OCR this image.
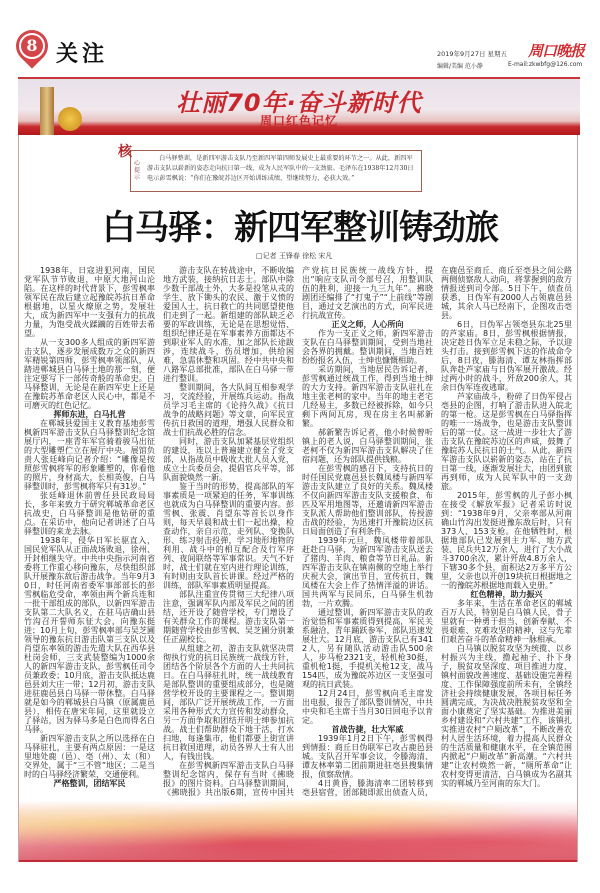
8 关注	2019年9月27日 星期五
编辑/美编 范小静	E-mail:zkwbfg@126.com
周口晚报
壮丽70年·奋斗新时代
周口红色记忆
核
心提示
白马驿整训，是新四军游击支队乃至新四军第四师发展史上最重要的环节之一。从此，新四军游击支队以崭新的姿态走向抗日第一线，成为人民军队中的一支劲旅。毛泽东在1938年12月30日电示彭雪枫说：“你们在豫皖苏边区开始训练成绩，望继续努力，必获大效。”
白马驿：新四军整训铸劲旅
□记者 王锋春 徐松 宋凡

1938年，日寇进犯河南，国民党军队节节败退，中原大地河山沦陷。在这样的时代背景下，彭雪枫率领军民在敌后建立起豫皖苏抗日革命根据地，以星火燎原之势，发展壮大，成为新四军中一支强有力的抗战力量，为饱受战火蹂躏的百姓带去希望。

从一支300多人组成的新四军游击支队，逐步发展成数万之众的新四军精锐第四师，彭雪枫率领部队，从踏进郸城县白马驿土地的那一刻，便注定要写下一部传奇般的革命史。白马驿整训，无论是在新四军史上还是在豫皖苏革命老区人民心中，都是不可磨灭的红色记忆。

挥师东进，白马扎营

在郸城县爱国主义教育基地彭雪枫新四军游击支队白马驿整训纪念馆展厅内，一座青年军官骑着骏马出征的大型雕塑伫立在展厅中央。展馆负责人张廷峰向记者介绍：“雕像是按照彭雪枫将军的形象雕塑的，你看他的照片，身材高大，长相英俊，白马驿整训时，彭雪枫将军只有31岁。”

张廷峰退休前曾任县民政局局长，多年来致力于研究郸城革命老区抗战史，白马驿整训是他钻研的重点。在采访中，他向记者讲述了白马驿整训的来龙去脉。

1938年，侵华日军长驱直入，国民党军队从正面战场败退，徐州、开封相继失守。中共中央指示河南省委将工作重心移向豫东，尽快组织部队开展豫东敌后游击战争。当年9月30日，时任河南省委军事部部长的彭雪枫临危受命，率领由两个新兵连和一批干部组成的部队，以新四军游击支队第二大队名义，在驻马店确山县竹沟召开誓师东征大会，向豫东挺进；10月上旬，彭雪枫率部与吴芝圃领导的豫东抗日游击队第三支队以及肖望东率领的游击先遣大队在西华县杜岗会师，三支武装整编为1000余人的新四军游击支队，彭雪枫任司令员兼政委；10月底，游击支队抵达鹿邑县刘大庄一带；12月初，游击支队进驻鹿邑县白马驿一带休整。白马驿就是如今的郸城县白马镇（原属鹿邑县），相传在唐宋年间，这里就设立了驿站，因为驿马多是白色而得名白马驿。

新四军游击支队之所以选择在白马驿驻扎，主要有两点原因：一是这里地处鹿（邑）、亳（州）、太（和）交界处，属于“三不管”地区；二是当时的白马驿经济繁荣，交通便利。

严格整训，团结军民

游击支队在转战途中，不断收编地方武装，接纳抗日志士。部队中除少数干部战士外，大多是投笔从戎的学生、放下锄头的农民、激于义愤的爱国人士，抗日救亡的共同愿望使他们走到了一起。新组建的部队缺乏必要的军政训练，无论是在思想觉悟、组织纪律还是在军事素养方面都达不到职业军人的水准，加之部队长途跋涉，连续战斗，伤员增加，供给困难，急需休整和巩固。经中共中央和八路军总部批准，部队在白马驿一带进行整训。

整训期间，各大队间互相参观学习，交流经验，开展练兵运动。指战员学习毛主席的《论持久战》《抗日战争的战略问题》等文章，向军民宣传抗日救国的道理，增强人民群众和战士们抗战必胜的信念。

同时，游击支队加紧基层党组织的建设，连以上普遍建立健全了党支部，从指战员中吸收大批人员入党，成立士兵委员会，提倡官兵平等，部队面貌焕然一新。

鉴于当时的形势，提高部队的军事素质是一项紧迫的任务，军事训练也就成为白马驿整训的重要内容。彭雪枫、张震、肖望东等首长以身作则，每天早晨和战士们一起出操，检查动作，亲自示范，走列队、变换队形、练习射击投弹，学习地形地物的利用、战斗中的相互配合及行军序列、夜间联络等军事常识。天气不好时，战士们就在室内进行理论训练，有时则由支队首长讲课。经过严格的训练，部队军事素质明显提高。

部队注重宣传贯彻三大纪律八项注意，强调军队内部及军民之间的团结，还开设了随营学校，专门增设了有关群众工作的课程。游击支队第一期随营学校由彭雪枫、吴芝圃分别兼任正副校长。

从组建之初，游击支队就坚决贯彻执行党的抗日民族统一战线方针，团结各个阶层各个方面的人士共同抗日。在白马驿驻扎时，统一战线教育是部队整训的重要组成部分，也是随营学校开设的主要课程之一。整训期间，部队广泛开展统战工作，一方面采用各种形式大力宣传和发动群众，另一方面争取和团结开明士绅参加抗战。战士们帮助群众下地干活，打水扫地，每逢集市，他们都要上街宣讲抗日救国道理，动员各界人士有人出人，有钱出钱。

在彭雪枫新四军游击支队白马驿整训纪念馆内，保存有当时《拂晓报》的图片资料。白马驿整训期间，《拂晓报》共出版6期，宣传中国共产党抗日民族统一战线方针，提出“响应支队司令部号召，用整训队伍的胜利，迎接一九三九年”。拂晓剧团还编排了“打鬼子”“上前线”等剧目，通过文艺演出的方式，向军民进行抗战宣传。

正义之师，人心所向

作为一支正义之师，新四军游击支队在白马驿整训期间，受到当地社会各界的拥戴。整训期间，当地百姓纷纷报名入伍，士绅也慷慨相助。

采访期间，当地居民告诉记者，彭雪枫通过统战工作，得到当地士绅的大力支持。新四军游击支队驻扎在地主张老柯的家中。当年的地主老宅几经易主，多数已经被拆除，如今只剩下两间瓦房，现在房主名叫郝新繁。

郝新繁告诉记者，他小时候曾听镇上的老人说，白马驿整训期间，张老柯不仅为新四军游击支队解决了住宿问题，还为部队提供钱粮。

在彭雪枫的感召下，支持抗日的时任国民党鹿邑县长魏凤楼与新四军游击支队建立了良好的关系。魏凤楼不仅向新四军游击支队支援粮食、布匹及军用地图等，还邀请新四军游击支队派人帮助他们整训部队，传授游击战的经验，为迅速打开豫皖边区抗日局面创造了有利条件。

1939年元旦，魏凤楼带着部队赶赴白马驿，为新四军游击支队送去了猪肉、羊肉、粮食等节日礼品。新四军游击支队在镇南侧的空地上举行庆祝大会，演出节目，宣传抗日，魏凤楼在大会上作了热情洋溢的讲话。国共两军与民同乐，白马驿生机勃勃，一片欢腾。

通过整训，新四军游击支队的政治觉悟和军事素质得到提高，军民关系融洽，青年踊跃参军，部队迅速发展壮大。12月底，游击支队已有3412人，另有随队活动游击队500余人，步马枪2321支，轻机枪30挺，重机枪1挺，手提机关枪12支，战马154匹，成为豫皖苏边区一支坚强可观的抗日武装。

12月24日，彭雪枫向毛主席发出电报，报告了部队整训情况，中共中央和毛主席于当月30日回电予以肯定。

首战告捷，壮大军威

1939年1月2日下午，彭雪枫得到情报：商丘日伪联军已攻占鹿邑县城。支队召开军事会议，令滕海清、谭友林率第二团前期进驻亳县搜集情报，侦察敌情。

4日黄昏，滕海清率二团转移到亳县宿营，团部随即派出侦查人员，在鹿邑至商丘、商丘至亳县之间公路两侧侦察敌人动向，将掌握到的敌方情报送到司令部。5日下午，侦查员获悉，日伪军有2000人占领鹿邑县城，其余人马已经南下，企图攻击亳县。

6日，日伪军占领亳县东北25里的芦家庙。8日，彭雪枫根据情报，决定趁日伪军立足未稳之际，予以迎头打击。接到彭雪枫下达的作战命令后，8日夜，滕海清、谭友林指挥部队奔赴芦家庙与日伪军展开激战。经过两小时的战斗，歼敌200余人，其余日伪军连夜逃窜。

芦家庙战斗，粉碎了日伪军侵占亳县的企图，打响了游击队进入皖北的第一枪。这是彭雪枫在白马驿指挥的唯一一场战争，也是游击支队整训后的第一仗。这一战进一步壮大了游击支队在豫皖苏边区的声威，鼓舞了豫皖苏人民抗日的士气。从此，新四军游击支队以崭新的姿态，站在了抗日第一线，逐渐发展壮大，由团到旅再到师，成为人民军队中的一支劲旅。

2015年，彭雪枫的儿子彭小枫在接受《解放军报》记者采访时说到：“1938年9月，父亲率部从河南确山竹沟出发挺进豫东敌后时，只有373人、153支枪。在他牺牲时，根据地部队已发展到主力军、地方武装、民兵共12万余人，进行了大小战斗3700余次，累计歼敌4.8万余人，下辖30多个县，面积达2万多平方公里，父亲也以开创19块抗日根据地之一的豫皖苏根据地而载入史册。”

红色精神，助力振兴

多年来，生活在革命老区的郸城百万人民，特别是白马镇人民，骨子里就有一种勇于担当、创新奉献、不畏艰难、克难攻坚的精神，这与先辈们艰苦奋斗的革命精神一脉相承。

白马镇以脱贫攻坚为统揽、以乡村振兴为主线，撸起袖子、扑下身子，脱贫攻坚深度、项目推进力度、镇村面貌改善速度、基础设施完善程度、工作保障强度前所未有，全镇经济社会持续健康发展，各项目标任务圆满完成，为决战决胜脱贫攻坚和全面小康奠定了坚实基础。为推进美丽乡村建设和“六村共建”工作，该镇扎实推进农村“户厕改革”，不断改善农村人居生活环境，着力提高人民群众的生活质量和健康水平，在全镇范围内掀起“户厕改革”新高潮。“六村共建”让农村焕然一新，“厕所革命”让农村变得更清洁，白马镇成为名副其实的郸城乃至河南的东大门。
